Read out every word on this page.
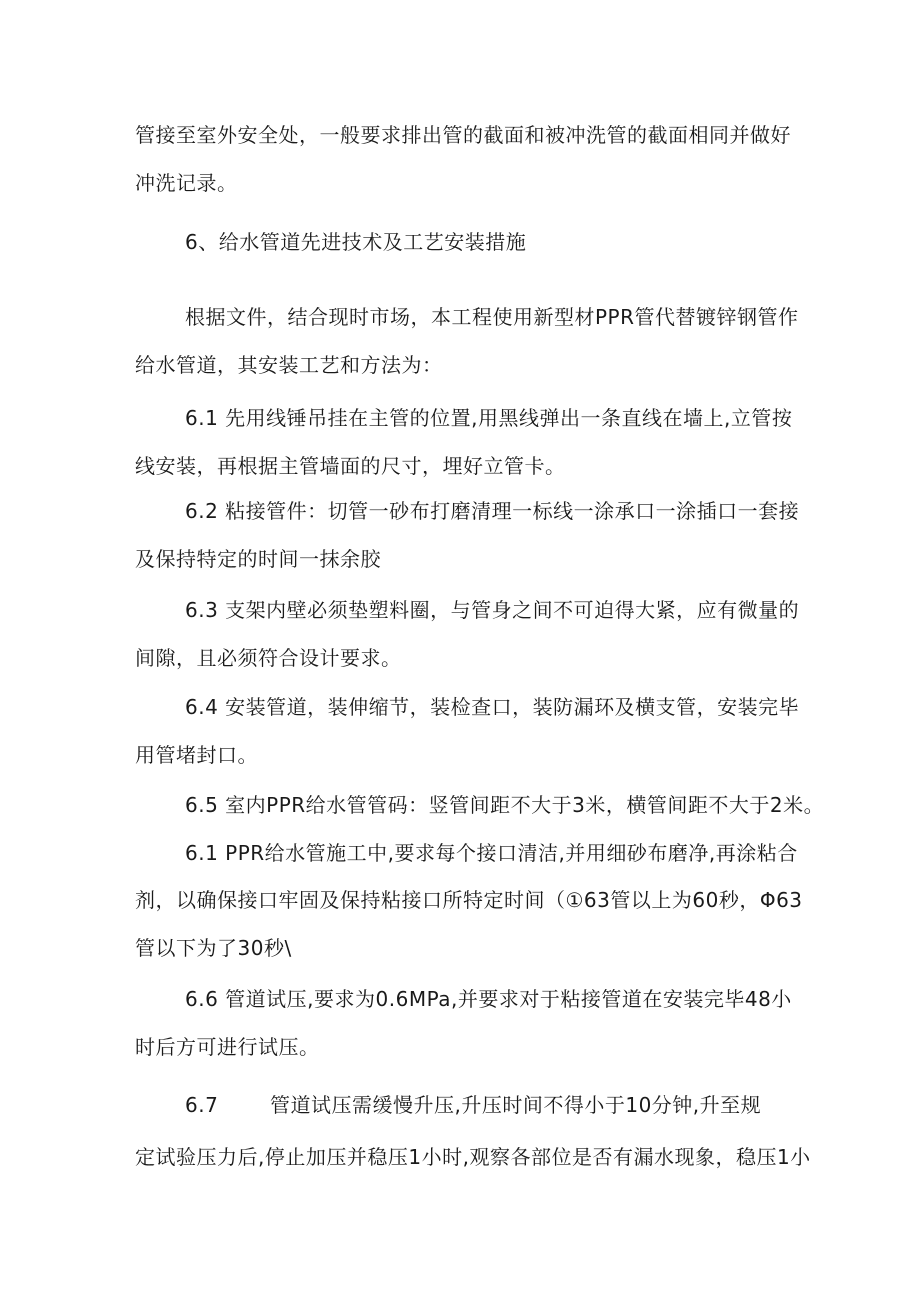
管接至室外安全处，一般要求排出管的截面和被冲洗管的截面相同并做好
冲洗记录。
6、给水管道先进技术及工艺安装措施
根据文件，结合现时市场，本工程使用新型材PPR管代替镀锌钢管作
给水管道，其安装工艺和方法为：
6.1 先用线锤吊挂在主管的位置,用黑线弹出一条直线在墙上,立管按
线安装，再根据主管墙面的尺寸，埋好立管卡。
6.2 粘接管件：切管一砂布打磨清理一标线一涂承口一涂插口一套接
及保持特定的时间一抹余胶
6.3 支架内壁必须垫塑料圈，与管身之间不可迫得大紧，应有微量的
间隙，且必须符合设计要求。
6.4 安装管道，装伸缩节，装检查口，装防漏环及横支管，安装完毕
用管堵封口。
6.5 室内PPR给水管管码：竖管间距不大于3米，横管间距不大于2米。
6.1 PPR给水管施工中,要求每个接口清洁,并用细砂布磨净,再涂粘合
剂，以确保接口牢固及保持粘接口所特定时间（①63管以上为60秒，Φ63
管以下为了30秒\
6.6 管道试压,要求为0.6MPa,并要求对于粘接管道在安装完毕48小
时后方可进行试压。
6.7	管道试压需缓慢升压,升压时间不得小于10分钟,升至规
定试验压力后,停止加压并稳压1小时,观察各部位是否有漏水现象，稳压1小
